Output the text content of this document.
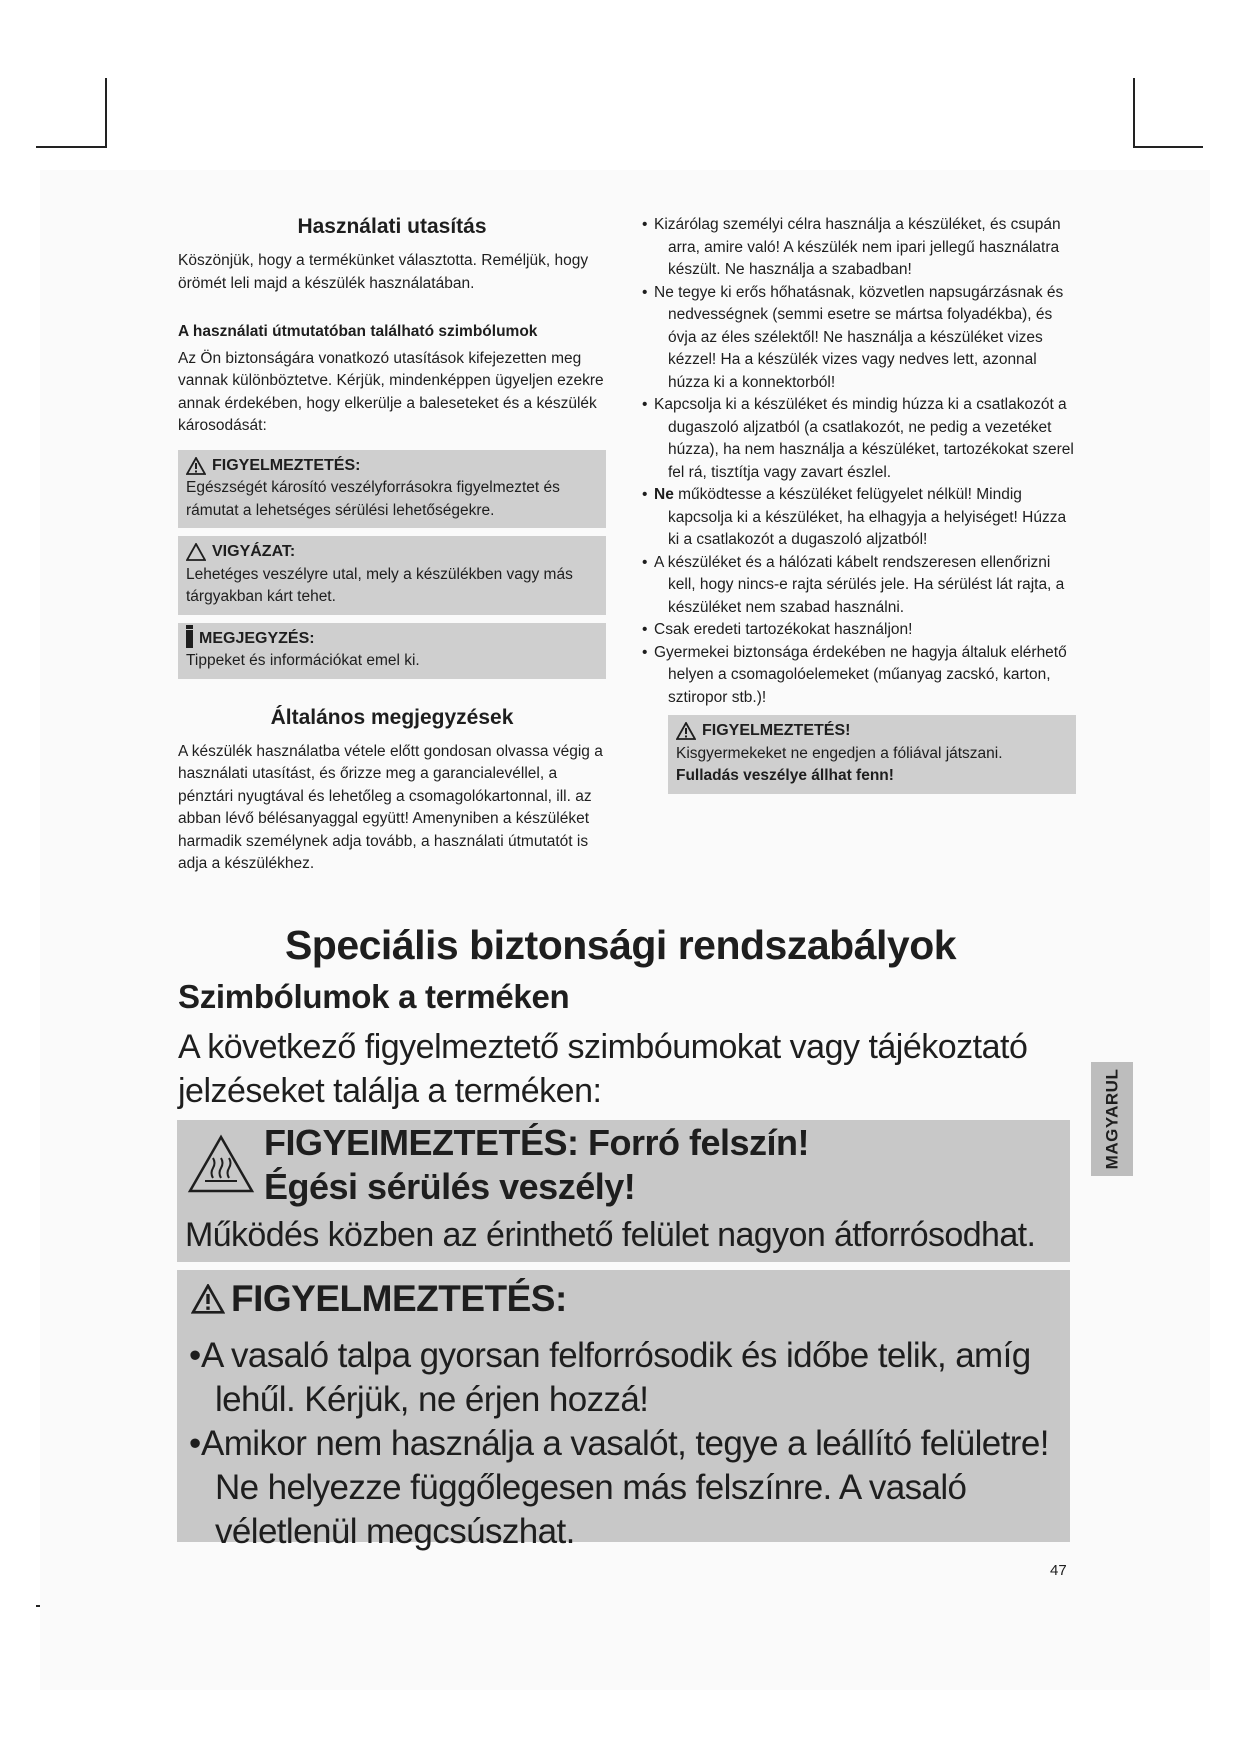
Használati utasítás

Köszönjük, hogy a termékünket választotta. Reméljük, hogy örömét leli majd a készülék használatában.

A használati útmutatóban található szimbólumok

Az Ön biztonságára vonatkozó utasítások kifejezetten meg vannak különböztetve. Kérjük, mindenképpen ügyeljen ezekre annak érdekében, hogy elkerülje a baleseteket és a készülék károsodását:

FIGYELMEZTETÉS:

Egészségét károsító veszélyforrásokra figyelmeztet és rámutat a lehetséges sérülési lehetőségekre.

VIGYÁZAT:

Lehetéges veszélyre utal, mely a készülékben vagy más tárgyakban kárt tehet.

MEGJEGYZÉS:

Tippeket és információkat emel ki.

Általános megjegyzések

A készülék használatba vétele előtt gondosan olvassa végig a használati utasítást, és őrizze meg a garancialevéllel, a pénztári nyugtával és lehetőleg a csomagolókartonnal, ill. az abban lévő bélésanyaggal együtt! Amenyniben a készüléket harmadik személynek adja tovább, a használati útmutatót is adja a készülékhez.

• Kizárólag személyi célra használja a készüléket, és csupán arra, amire való! A készülék nem ipari jellegű használatra készült. Ne használja a szabadban!
• Ne tegye ki erős hőhatásnak, közvetlen napsugárzásnak és nedvességnek (semmi esetre se mártsa folyadékba), és óvja az éles szélektől! Ne használja a készüléket vizes kézzel! Ha a készülék vizes vagy nedves lett, azonnal húzza ki a konnektorból!
• Kapcsolja ki a készüléket és mindig húzza ki a csatlakozót a dugaszoló aljzatból (a csatlakozót, ne pedig a vezetéket húzza), ha nem használja a készüléket, tartozékokat szerel fel rá, tisztítja vagy zavart észlel.
• Ne működtesse a készüléket felügyelet nélkül! Mindig kapcsolja ki a készüléket, ha elhagyja a helyiséget! Húzza ki a csatlakozót a dugaszoló aljzatból!
• A készüléket és a hálózati kábelt rendszeresen ellenőrizni kell, hogy nincs-e rajta sérülés jele. Ha sérülést lát rajta, a készüléket nem szabad használni.
• Csak eredeti tartozékokat használjon!
• Gyermekei biztonsága érdekében ne hagyja általuk elérhető helyen a csomagolóelemeket (műanyag zacskó, karton, sztiropor stb.)!
FIGYELMEZTETÉS!

Kisgyermekeket ne engedjen a fóliával játszani. Fulladás veszélye állhat fenn!

Speciális biztonsági rendszabályok
Szimbólumok a terméken
A következő figyelmeztető szimbóumokat vagy tájékoztató jelzéseket találja a terméken:
FIGYEIMEZTETÉS: Forró felszín!
Égési sérülés veszély!
Működés közben az érinthető felület nagyon átforrósodhat.
FIGYELMEZTETÉS:
• A vasaló talpa gyorsan felforrósodik és időbe telik, amíg lehűl. Kérjük, ne érjen hozzá!
• Amikor nem használja a vasalót, tegye a leállító felületre! Ne helyezze függőlegesen más felszínre. A vasaló véletlenül megcsúszhat.
MAGYARUL
47
